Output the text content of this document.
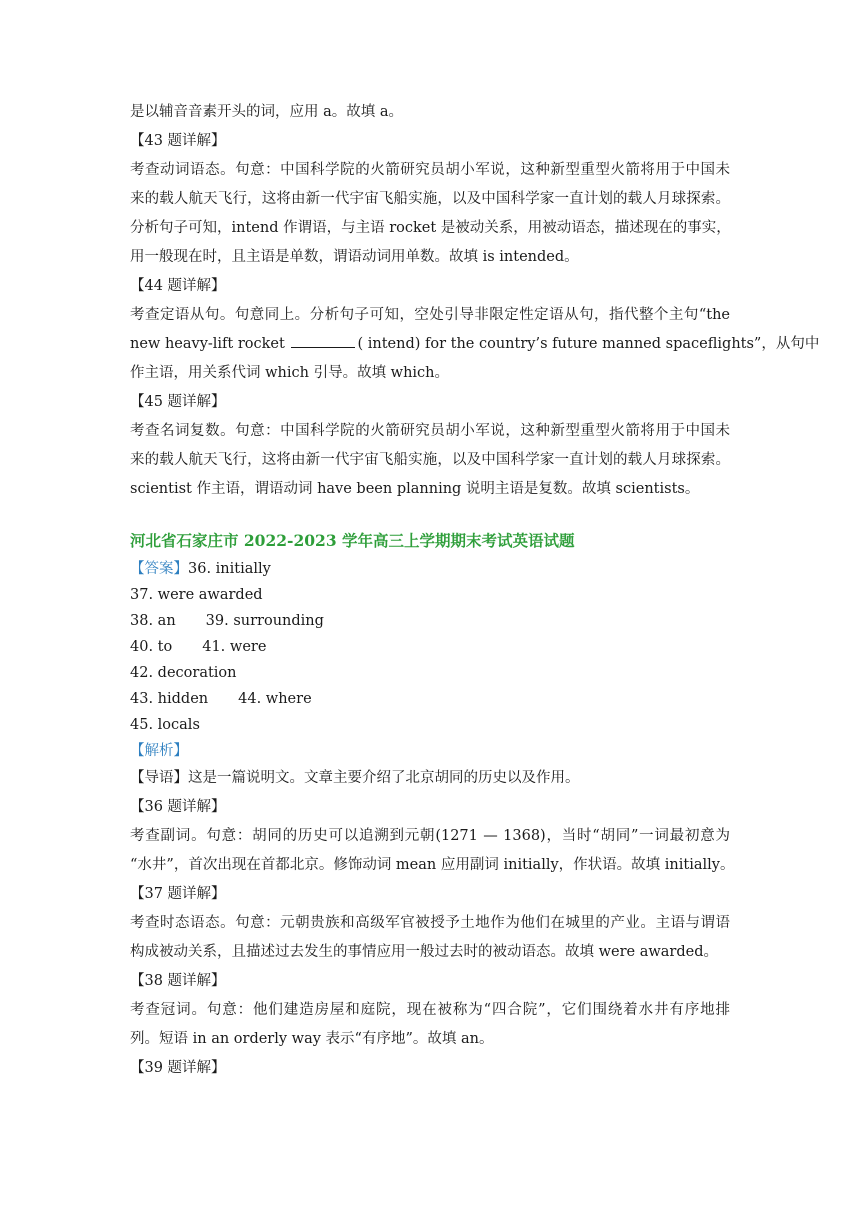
是以辅音音素开头的词，应用 a。故填 a。
【43 题详解】
考查动词语态。句意：中国科学院的火箭研究员胡小军说，这种新型重型火箭将用于中国未
来的载人航天飞行，这将由新一代宇宙飞船实施，以及中国科学家一直计划的载人月球探索。
分析句子可知，intend 作谓语，与主语 rocket 是被动关系，用被动语态，描述现在的事实，
用一般现在时，且主语是单数，谓语动词用单数。故填 is intended。
【44 题详解】
考查定语从句。句意同上。分析句子可知，空处引导非限定性定语从句，指代整个主句“the
new heavy-lift rocket	( intend) for the country’s future manned spaceflights”，从句中
作主语，用关系代词 which 引导。故填 which。
【45 题详解】
考查名词复数。句意：中国科学院的火箭研究员胡小军说，这种新型重型火箭将用于中国未
来的载人航天飞行，这将由新一代宇宙飞船实施，以及中国科学家一直计划的载人月球探索。
scientist 作主语，谓语动词 have been planning 说明主语是复数。故填 scientists。
河北省石家庄市 2022-2023 学年高三上学期期末考试英语试题
【答案】36. initially
37. were awarded
38. an 39. surrounding
40. to 41. were
42. decoration
43. hidden 44. where
45. locals
【解析】
【导语】这是一篇说明文。文章主要介绍了北京胡同的历史以及作用。
【36 题详解】
考查副词。句意：胡同的历史可以追溯到元朝(1271 — 1368)，当时“胡同”一词最初意为
“水井”，首次出现在首都北京。修饰动词 mean 应用副词 initially，作状语。故填 initially。
【37 题详解】
考查时态语态。句意：元朝贵族和高级军官被授予土地作为他们在城里的产业。主语与谓语
构成被动关系，且描述过去发生的事情应用一般过去时的被动语态。故填 were awarded。
【38 题详解】
考查冠词。句意：他们建造房屋和庭院，现在被称为“四合院”，它们围绕着水井有序地排
列。短语 in an orderly way 表示“有序地”。故填 an。
【39 题详解】
